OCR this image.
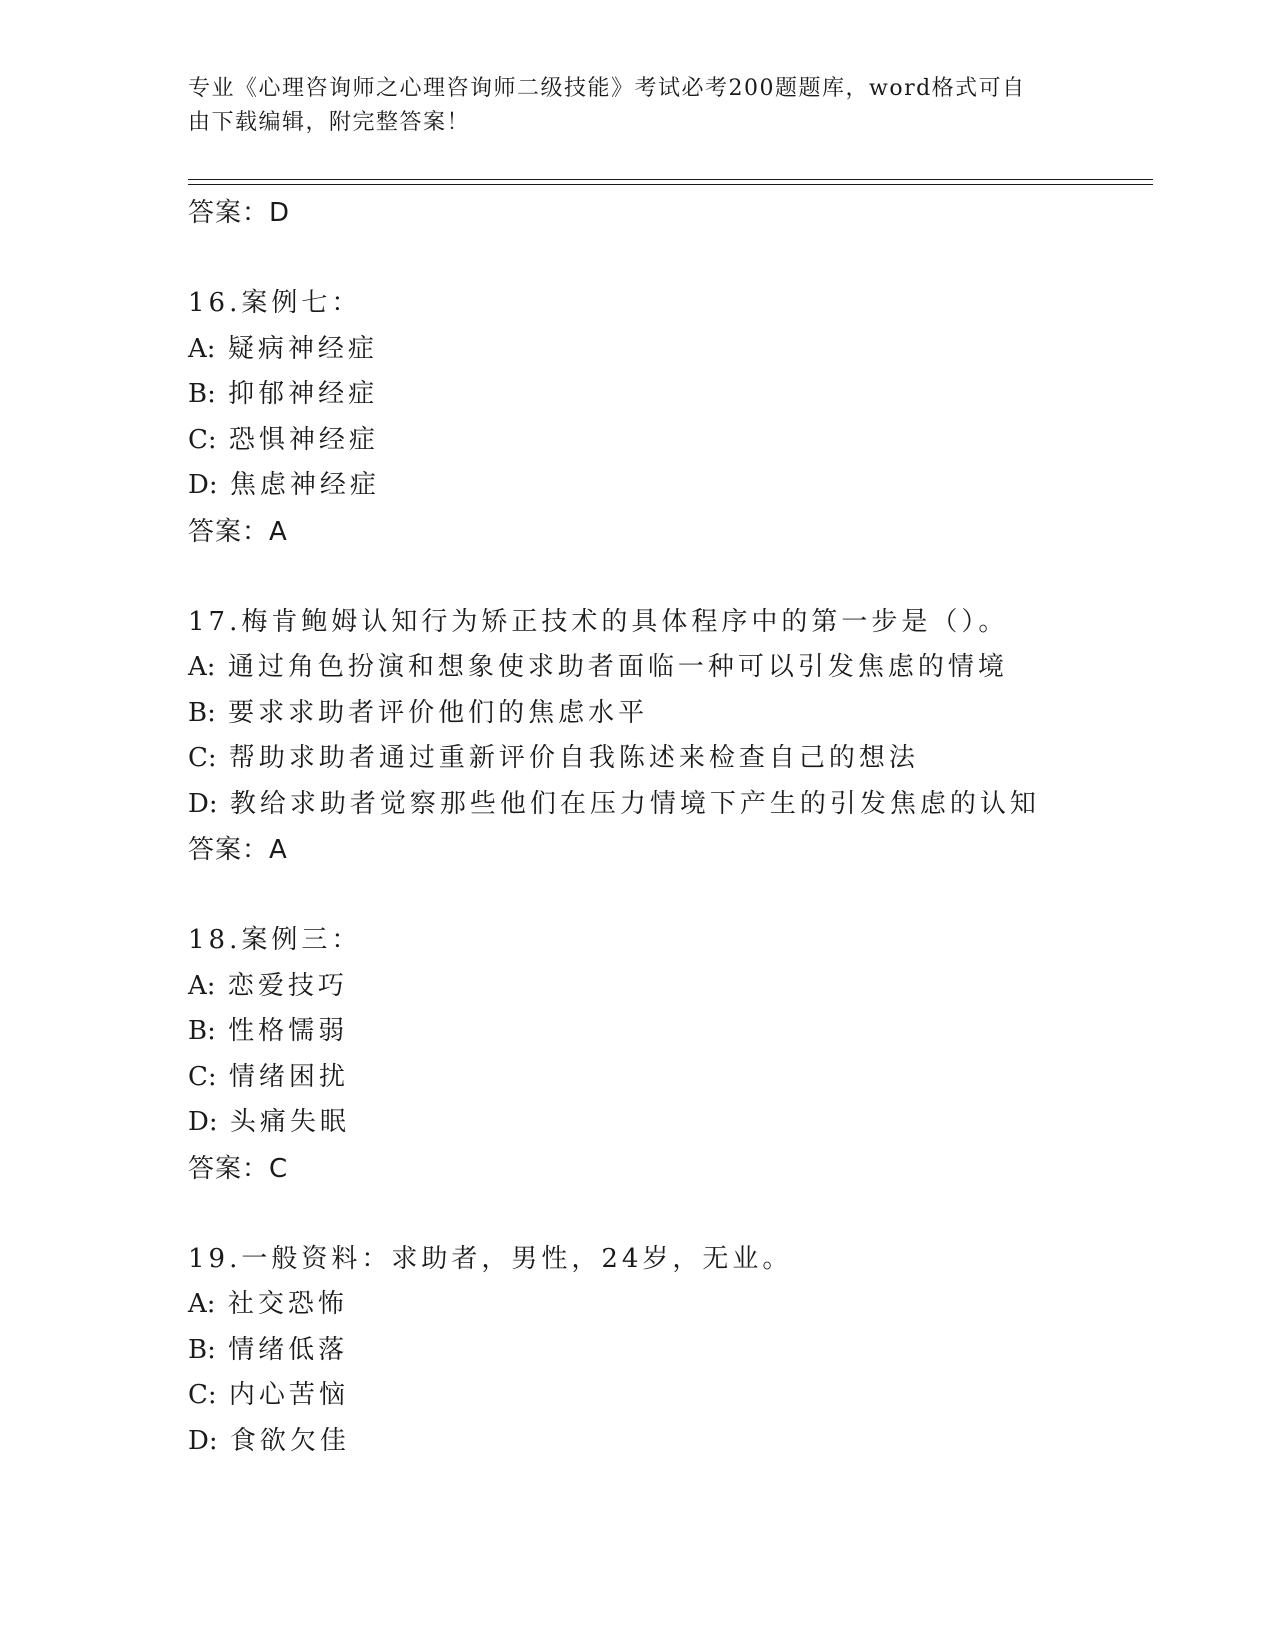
专业《心理咨询师之心理咨询师二级技能》考试必考200题题库，word格式可自
由下载编辑，附完整答案！
答案：D
16.案例七：
A: 疑病神经症
B: 抑郁神经症
C: 恐惧神经症
D: 焦虑神经症
答案：A
17.梅肯鲍姆认知行为矫正技术的具体程序中的第一步是（）。
A: 通过角色扮演和想象使求助者面临一种可以引发焦虑的情境
B: 要求求助者评价他们的焦虑水平
C: 帮助求助者通过重新评价自我陈述来检查自己的想法
D: 教给求助者觉察那些他们在压力情境下产生的引发焦虑的认知
答案：A
18.案例三：
A: 恋爱技巧
B: 性格懦弱
C: 情绪困扰
D: 头痛失眠
答案：C
19.一般资料：求助者，男性，24岁，无业。
A: 社交恐怖
B: 情绪低落
C: 内心苦恼
D: 食欲欠佳
